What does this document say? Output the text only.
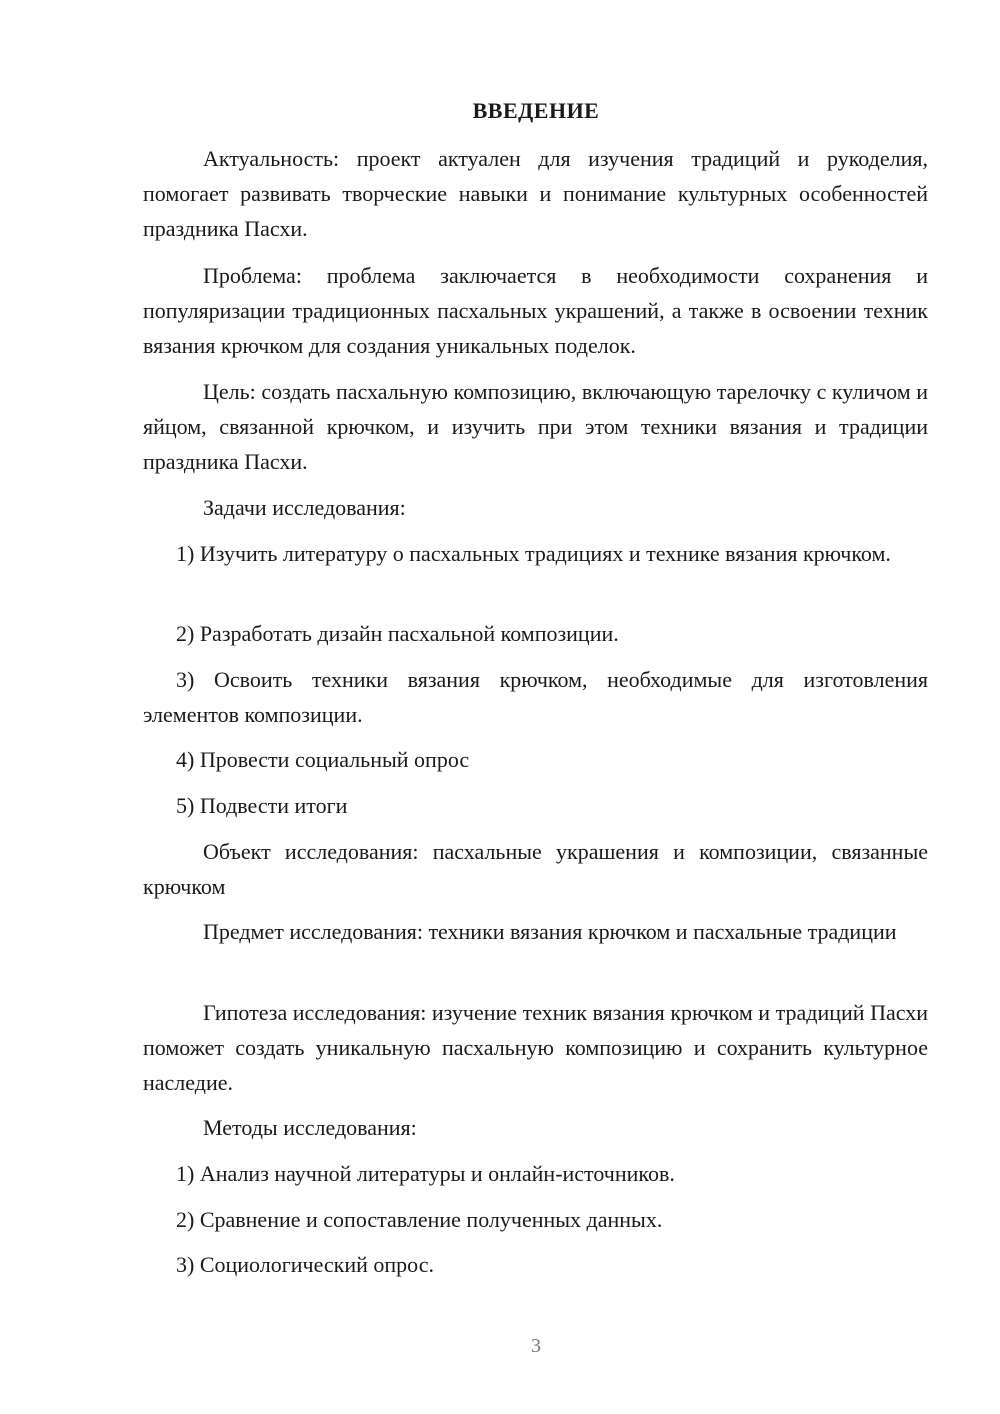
ВВЕДЕНИЕ

Актуальность: проект актуален для изучения традиций и рукоделия, помогает развивать творческие навыки и понимание культурных особенностей праздника Пасхи.

Проблема: проблема заключается в необходимости сохранения и популяризации традиционных пасхальных украшений, а также в освоении техник вязания крючком для создания уникальных поделок.

Цель: создать пасхальную композицию, включающую тарелочку с куличом и яйцом, связанной крючком, и изучить при этом техники вязания и традиции праздника Пасхи.

Задачи исследования:

1) Изучить литературу о пасхальных традициях и технике вязания крючком.

2) Разработать дизайн пасхальной композиции.

3) Освоить техники вязания крючком, необходимые для изготовления элементов композиции.

4) Провести социальный опрос

5) Подвести итоги

Объект исследования: пасхальные украшения и композиции, связанные крючком

Предмет исследования: техники вязания крючком и пасхальные традиции

Гипотеза исследования: изучение техник вязания крючком и традиций Пасхи поможет создать уникальную пасхальную композицию и сохранить культурное наследие.

Методы исследования:

1) Анализ научной литературы и онлайн-источников.

2) Сравнение и сопоставление полученных данных.

3) Социологический опрос.

3
